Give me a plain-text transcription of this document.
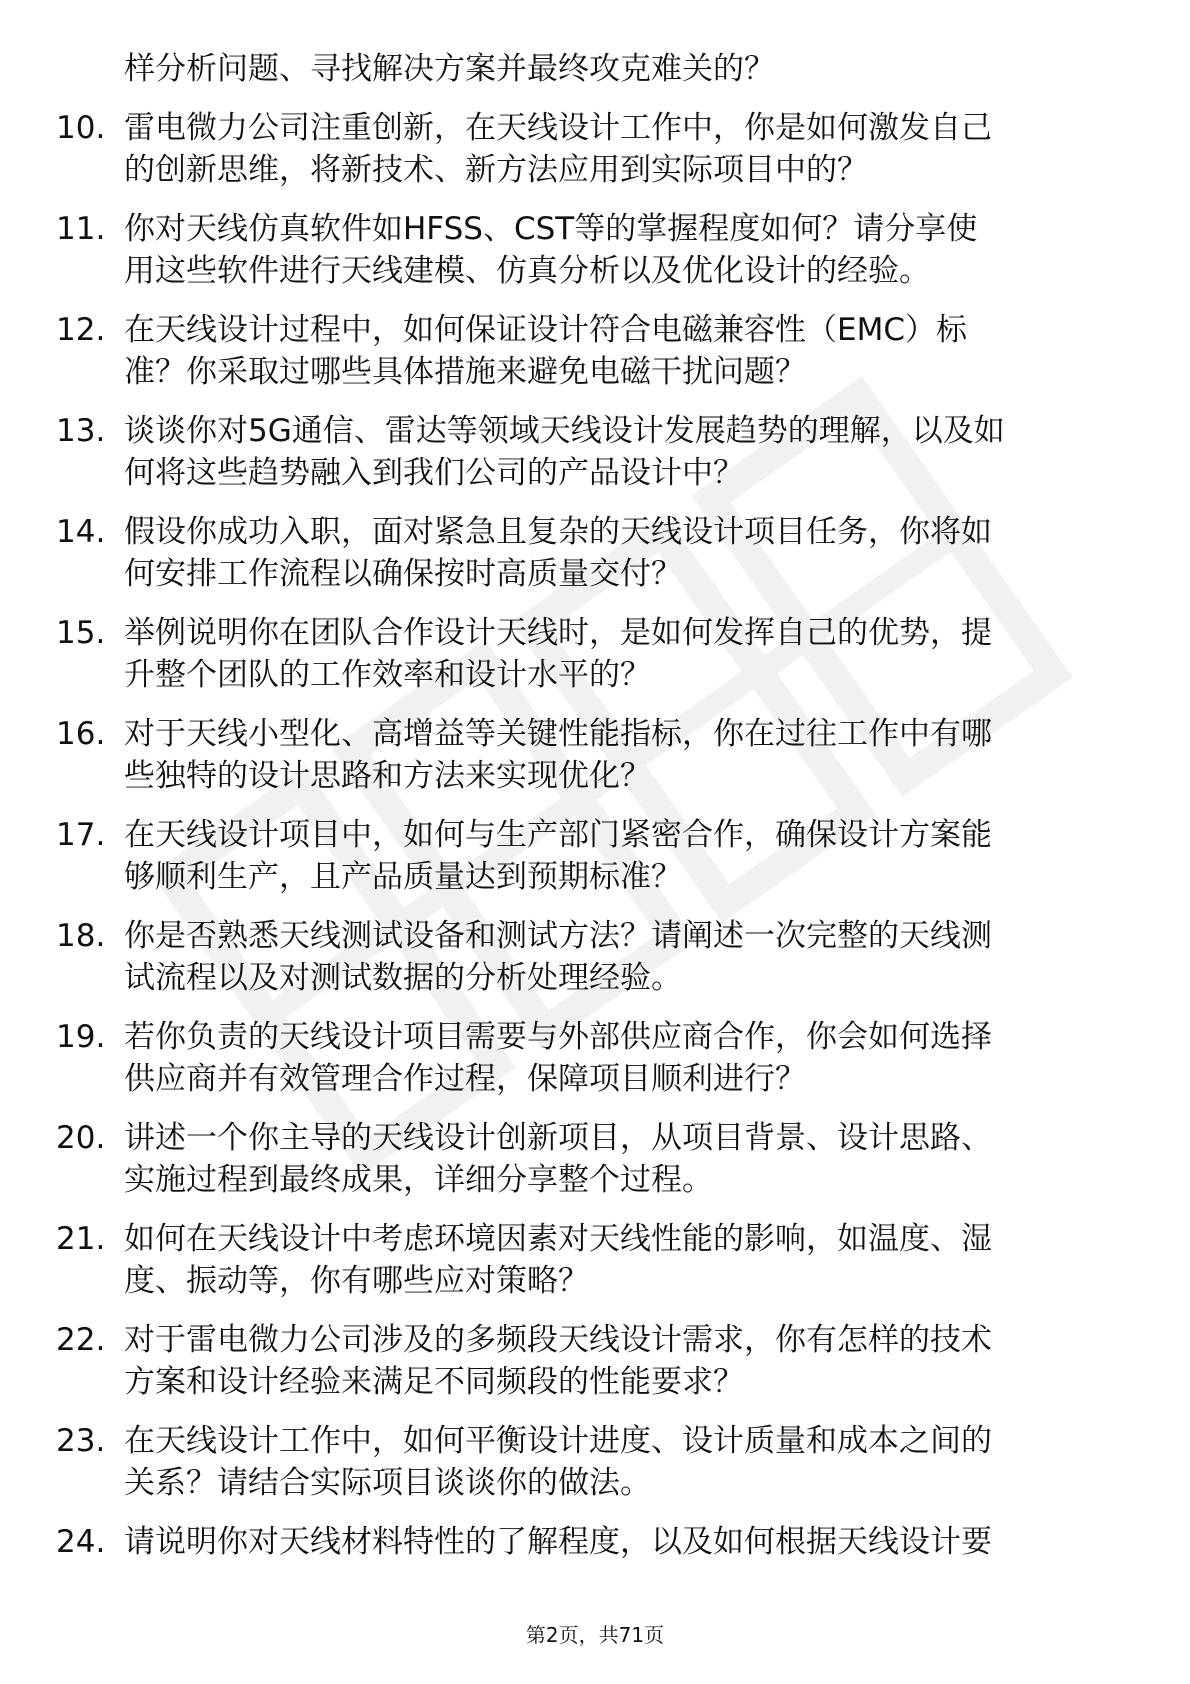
样分析问题、寻找解决方案并最终攻克难关的？
10. 雷电微力公司注重创新，在天线设计工作中，你是如何激发自己
的创新思维，将新技术、新方法应用到实际项目中的？
11. 你对天线仿真软件如HFSS、CST等的掌握程度如何？请分享使
用这些软件进行天线建模、仿真分析以及优化设计的经验。
12. 在天线设计过程中，如何保证设计符合电磁兼容性（EMC）标
准？你采取过哪些具体措施来避免电磁干扰问题？
13. 谈谈你对5G通信、雷达等领域天线设计发展趋势的理解，以及如
何将这些趋势融入到我们公司的产品设计中？
14. 假设你成功入职，面对紧急且复杂的天线设计项目任务，你将如
何安排工作流程以确保按时高质量交付？
15. 举例说明你在团队合作设计天线时，是如何发挥自己的优势，提
升整个团队的工作效率和设计水平的？
16. 对于天线小型化、高增益等关键性能指标，你在过往工作中有哪
些独特的设计思路和方法来实现优化？
17. 在天线设计项目中，如何与生产部门紧密合作，确保设计方案能
够顺利生产，且产品质量达到预期标准？
18. 你是否熟悉天线测试设备和测试方法？请阐述一次完整的天线测
试流程以及对测试数据的分析处理经验。
19. 若你负责的天线设计项目需要与外部供应商合作，你会如何选择
供应商并有效管理合作过程，保障项目顺利进行？
20. 讲述一个你主导的天线设计创新项目，从项目背景、设计思路、
实施过程到最终成果，详细分享整个过程。
21. 如何在天线设计中考虑环境因素对天线性能的影响，如温度、湿
度、振动等，你有哪些应对策略？
22. 对于雷电微力公司涉及的多频段天线设计需求，你有怎样的技术
方案和设计经验来满足不同频段的性能要求？
23. 在天线设计工作中，如何平衡设计进度、设计质量和成本之间的
关系？请结合实际项目谈谈你的做法。
24. 请说明你对天线材料特性的了解程度，以及如何根据天线设计要
第2页，共71页
